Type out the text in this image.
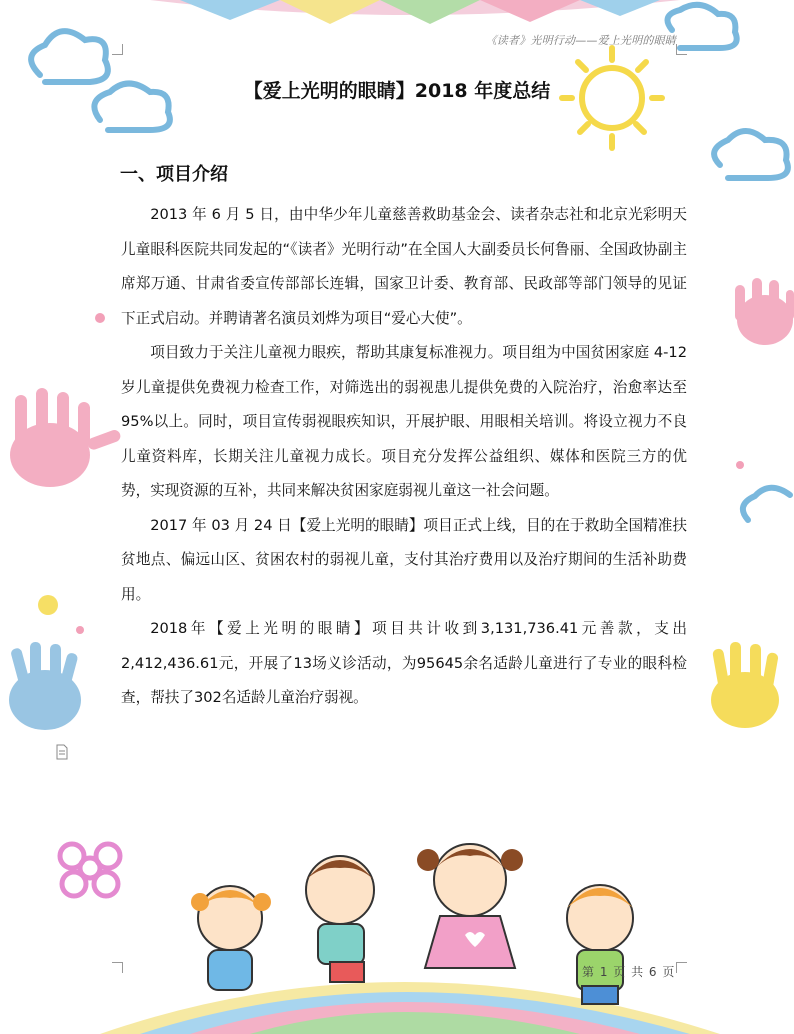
《读者》光明行动——爱上光明的眼睛
【爱上光明的眼睛】2018 年度总结
一、项目介绍

2013 年 6 月 5 日，由中华少年儿童慈善救助基金会、读者杂志社和北京光彩明天儿童眼科医院共同发起的“《读者》光明行动”在全国人大副委员长何鲁丽、全国政协副主席郑万通、甘肃省委宣传部部长连辑，国家卫计委、教育部、民政部等部门领导的见证下正式启动。并聘请著名演员刘烨为项目“爱心大使”。

项目致力于关注儿童视力眼疾，帮助其康复标准视力。项目组为中国贫困家庭 4-12 岁儿童提供免费视力检查工作，对筛选出的弱视患儿提供免费的入院治疗，治愈率达至 95%以上。同时，项目宣传弱视眼疾知识，开展护眼、用眼相关培训。将设立视力不良儿童资料库，长期关注儿童视力成长。项目充分发挥公益组织、媒体和医院三方的优势，实现资源的互补，共同来解决贫困家庭弱视儿童这一社会问题。

2017 年 03 月 24 日【爱上光明的眼睛】项目正式上线，目的在于救助全国精准扶贫地点、偏远山区、贫困农村的弱视儿童，支付其治疗费用以及治疗期间的生活补助费用。

2018年【爱上光明的眼睛】项目共计收到3,131,736.41元善款，支出2,412,436.61元，开展了13场义诊活动，为95645余名适龄儿童进行了专业的眼科检查，帮扶了302名适龄儿童治疗弱视。

第 1 页 共 6 页
